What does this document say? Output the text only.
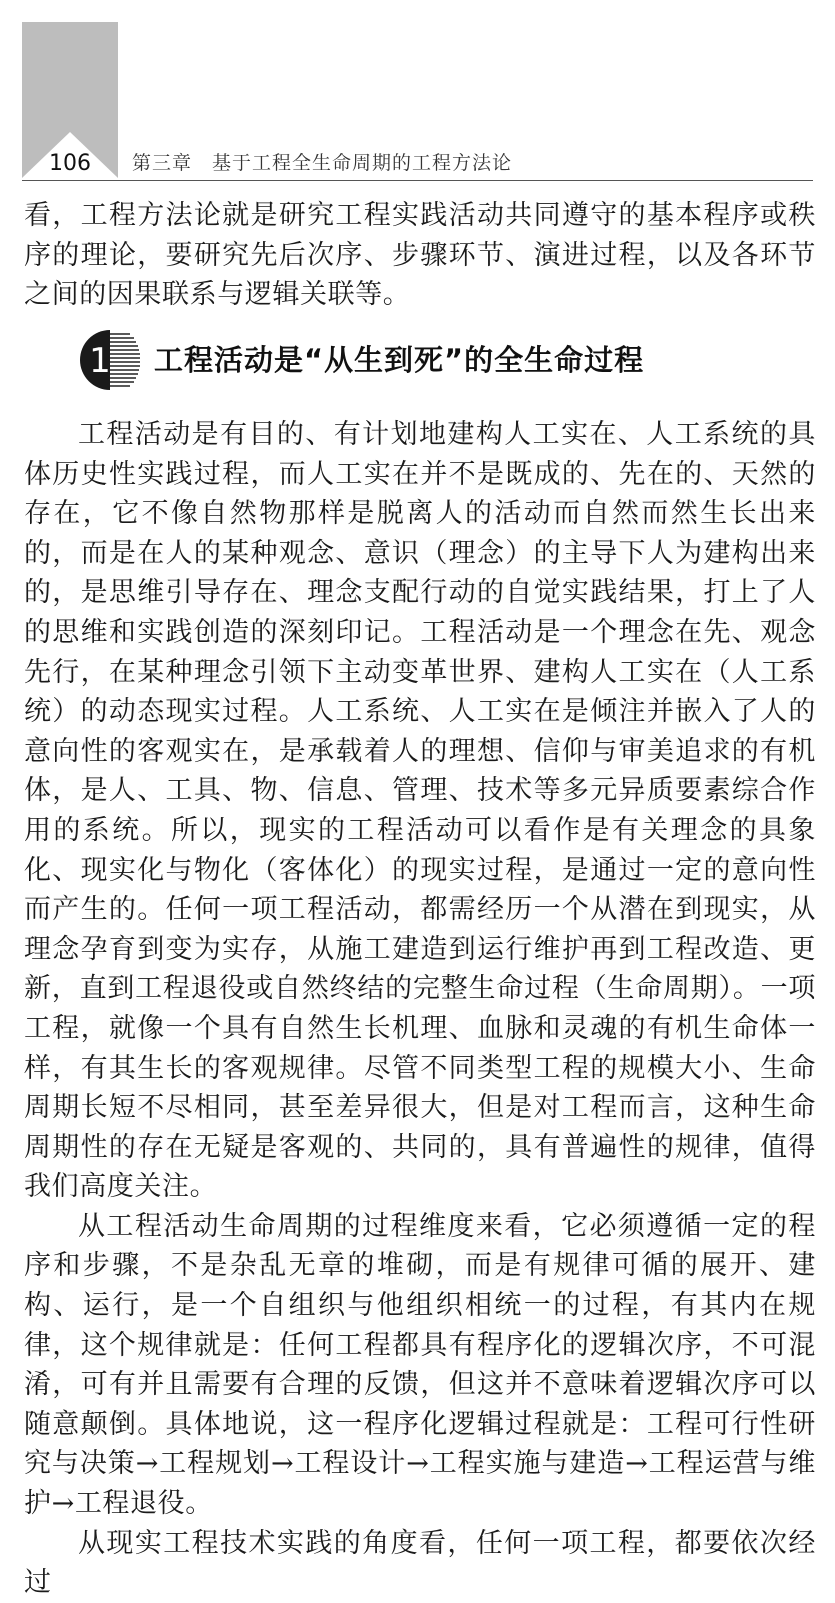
106	第三章　基于工程全生命周期的工程方法论

看，工程方法论就是研究工程实践活动共同遵守的基本程序或秩序的理论，要研究先后次序、步骤环节、演进过程，以及各环节之间的因果联系与逻辑关联等。

1 工程活动是“从生到死”的全生命过程

工程活动是有目的、有计划地建构人工实在、人工系统的具体历史性实践过程，而人工实在并不是既成的、先在的、天然的存在，它不像自然物那样是脱离人的活动而自然而然生长出来的，而是在人的某种观念、意识（理念）的主导下人为建构出来的，是思维引导存在、理念支配行动的自觉实践结果，打上了人的思维和实践创造的深刻印记。工程活动是一个理念在先、观念先行，在某种理念引领下主动变革世界、建构人工实在（人工系统）的动态现实过程。人工系统、人工实在是倾注并嵌入了人的意向性的客观实在，是承载着人的理想、信仰与审美追求的有机体，是人、工具、物、信息、管理、技术等多元异质要素综合作用的系统。所以，现实的工程活动可以看作是有关理念的具象化、现实化与物化（客体化）的现实过程，是通过一定的意向性而产生的。任何一项工程活动，都需经历一个从潜在到现实，从理念孕育到变为实存，从施工建造到运行维护再到工程改造、更新，直到工程退役或自然终结的完整生命过程（生命周期）。一项工程，就像一个具有自然生长机理、血脉和灵魂的有机生命体一样，有其生长的客观规律。尽管不同类型工程的规模大小、生命周期长短不尽相同，甚至差异很大，但是对工程而言，这种生命周期性的存在无疑是客观的、共同的，具有普遍性的规律，值得我们高度关注。

从工程活动生命周期的过程维度来看，它必须遵循一定的程序和步骤，不是杂乱无章的堆砌，而是有规律可循的展开、建构、运行，是一个自组织与他组织相统一的过程，有其内在规律，这个规律就是：任何工程都具有程序化的逻辑次序，不可混淆，可有并且需要有合理的反馈，但这并不意味着逻辑次序可以随意颠倒。具体地说，这一程序化逻辑过程就是：工程可行性研究与决策→工程规划→工程设计→工程实施与建造→工程运营与维护→工程退役。

从现实工程技术实践的角度看，任何一项工程，都要依次经过
